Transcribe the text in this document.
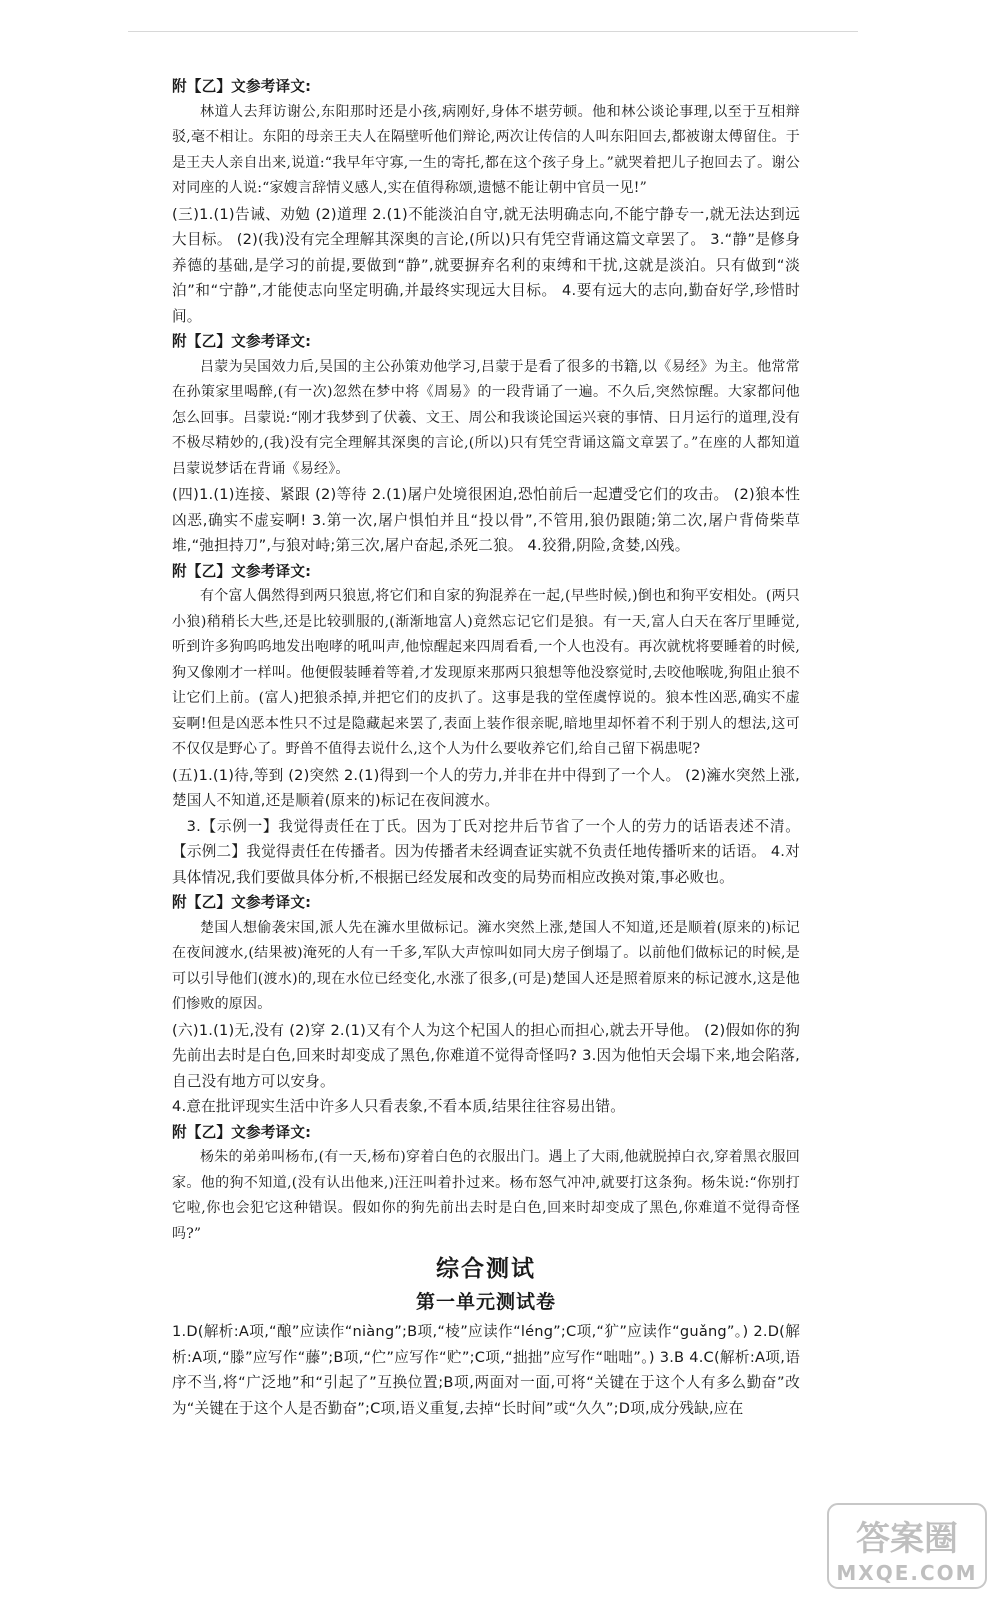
附【乙】文参考译文:

林道人去拜访谢公,东阳那时还是小孩,病刚好,身体不堪劳顿。他和林公谈论事理,以至于互相辩驳,毫不相让。东阳的母亲王夫人在隔壁听他们辩论,两次让传信的人叫东阳回去,都被谢太傅留住。于是王夫人亲自出来,说道:“我早年守寡,一生的寄托,都在这个孩子身上。”就哭着把儿子抱回去了。谢公对同座的人说:“家嫂言辞情义感人,实在值得称颂,遗憾不能让朝中官员一见!”

(三)1.(1)告诫、劝勉 (2)道理 2.(1)不能淡泊自守,就无法明确志向,不能宁静专一,就无法达到远大目标。 (2)(我)没有完全理解其深奥的言论,(所以)只有凭空背诵这篇文章罢了。 3.“静”是修身养德的基础,是学习的前提,要做到“静”,就要摒弃名利的束缚和干扰,这就是淡泊。只有做到“淡泊”和“宁静”,才能使志向坚定明确,并最终实现远大目标。 4.要有远大的志向,勤奋好学,珍惜时间。

附【乙】文参考译文:

吕蒙为吴国效力后,吴国的主公孙策劝他学习,吕蒙于是看了很多的书籍,以《易经》为主。他常常在孙策家里喝醉,(有一次)忽然在梦中将《周易》的一段背诵了一遍。不久后,突然惊醒。大家都问他怎么回事。吕蒙说:“刚才我梦到了伏羲、文王、周公和我谈论国运兴衰的事情、日月运行的道理,没有不极尽精妙的,(我)没有完全理解其深奥的言论,(所以)只有凭空背诵这篇文章罢了。”在座的人都知道吕蒙说梦话在背诵《易经》。

(四)1.(1)连接、紧跟 (2)等待 2.(1)屠户处境很困迫,恐怕前后一起遭受它们的攻击。 (2)狼本性凶恶,确实不虚妄啊! 3.第一次,屠户惧怕并且“投以骨”,不管用,狼仍跟随;第二次,屠户背倚柴草堆,“弛担持刀”,与狼对峙;第三次,屠户奋起,杀死二狼。 4.狡猾,阴险,贪婪,凶残。

附【乙】文参考译文:

有个富人偶然得到两只狼崽,将它们和自家的狗混养在一起,(早些时候,)倒也和狗平安相处。(两只小狼)稍稍长大些,还是比较驯服的,(渐渐地富人)竟然忘记它们是狼。有一天,富人白天在客厅里睡觉,听到许多狗呜呜地发出咆哮的吼叫声,他惊醒起来四周看看,一个人也没有。再次就枕将要睡着的时候,狗又像刚才一样叫。他便假装睡着等着,才发现原来那两只狼想等他没察觉时,去咬他喉咙,狗阻止狼不让它们上前。(富人)把狼杀掉,并把它们的皮扒了。这事是我的堂侄虞惇说的。狼本性凶恶,确实不虚妄啊!但是凶恶本性只不过是隐藏起来罢了,表面上装作很亲昵,暗地里却怀着不利于别人的想法,这可不仅仅是野心了。野兽不值得去说什么,这个人为什么要收养它们,给自己留下祸患呢?

(五)1.(1)待,等到 (2)突然 2.(1)得到一个人的劳力,并非在井中得到了一个人。 (2)澭水突然上涨,楚国人不知道,还是顺着(原来的)标记在夜间渡水。

3.【示例一】我觉得责任在丁氏。因为丁氏对挖井后节省了一个人的劳力的话语表述不清。【示例二】我觉得责任在传播者。因为传播者未经调查证实就不负责任地传播听来的话语。 4.对具体情况,我们要做具体分析,不根据已经发展和改变的局势而相应改换对策,事必败也。

附【乙】文参考译文:

楚国人想偷袭宋国,派人先在澭水里做标记。澭水突然上涨,楚国人不知道,还是顺着(原来的)标记在夜间渡水,(结果被)淹死的人有一千多,军队大声惊叫如同大房子倒塌了。以前他们做标记的时候,是可以引导他们(渡水)的,现在水位已经变化,水涨了很多,(可是)楚国人还是照着原来的标记渡水,这是他们惨败的原因。

(六)1.(1)无,没有 (2)穿 2.(1)又有个人为这个杞国人的担心而担心,就去开导他。 (2)假如你的狗先前出去时是白色,回来时却变成了黑色,你难道不觉得奇怪吗? 3.因为他怕天会塌下来,地会陷落,自己没有地方可以安身。

4.意在批评现实生活中许多人只看表象,不看本质,结果往往容易出错。

附【乙】文参考译文:

杨朱的弟弟叫杨布,(有一天,杨布)穿着白色的衣服出门。遇上了大雨,他就脱掉白衣,穿着黑衣服回家。他的狗不知道,(没有认出他来,)汪汪叫着扑过来。杨布怒气冲冲,就要打这条狗。杨朱说:“你别打它啦,你也会犯它这种错误。假如你的狗先前出去时是白色,回来时却变成了黑色,你难道不觉得奇怪吗?”

综合测试

第一单元测试卷

1.D(解析:A项,“酿”应读作“niàng”;B项,“棱”应读作“léng”;C项,“犷”应读作“guǎng”。) 2.D(解析:A项,“滕”应写作“藤”;B项,“伫”应写作“贮”;C项,“拙拙”应写作“咄咄”。) 3.B 4.C(解析:A项,语序不当,将“广泛地”和“引起了”互换位置;B项,两面对一面,可将“关键在于这个人有多么勤奋”改为“关键在于这个人是否勤奋”;C项,语义重复,去掉“长时间”或“久久”;D项,成分残缺,应在

答案圈
MXQE.COM
